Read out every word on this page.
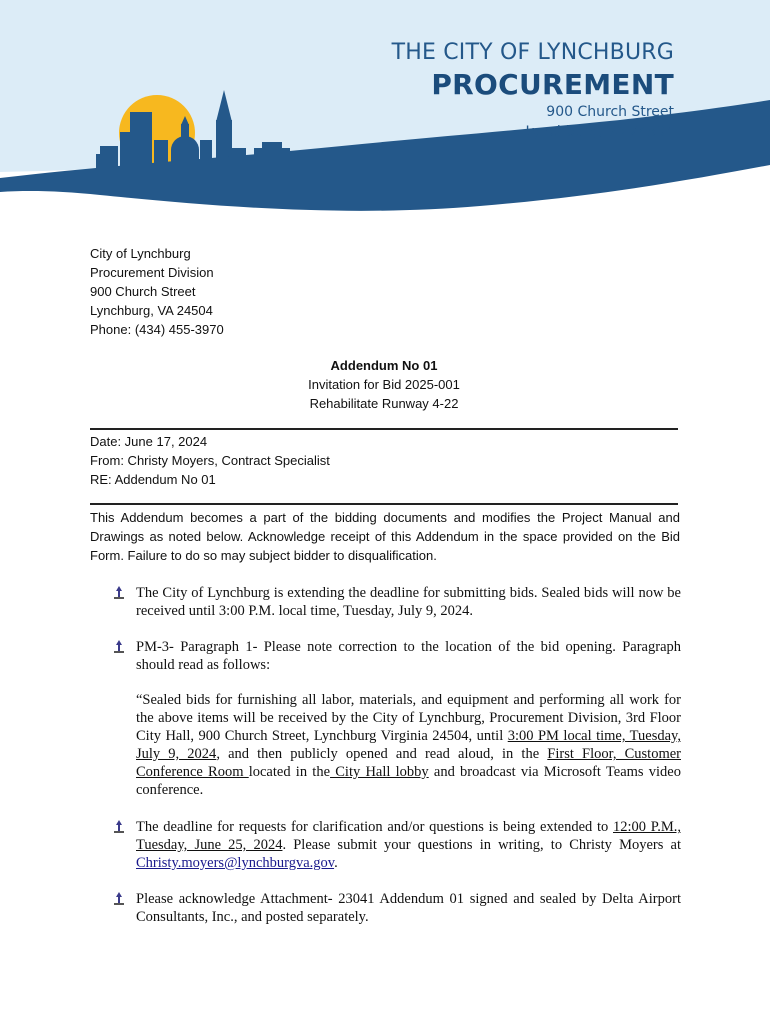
THE CITY OF LYNCHBURG
PROCUREMENT
900 Church Street
Lynchburg, VA 24504
City of Lynchburg
Procurement Division
900 Church Street
Lynchburg, VA 24504
Phone: (434) 455-3970
Addendum No 01
Invitation for Bid 2025-001
Rehabilitate Runway 4-22
Date: June 17, 2024
From: Christy Moyers, Contract Specialist
RE: Addendum No 01
This Addendum becomes a part of the bidding documents and modifies the Project Manual and Drawings as noted below. Acknowledge receipt of this Addendum in the space provided on the Bid Form. Failure to do so may subject bidder to disqualification.
The City of Lynchburg is extending the deadline for submitting bids. Sealed bids will now be received until 3:00 P.M. local time, Tuesday, July 9, 2024.
PM-3- Paragraph 1- Please note correction to the location of the bid opening. Paragraph should read as follows:
“Sealed bids for furnishing all labor, materials, and equipment and performing all work for the above items will be received by the City of Lynchburg, Procurement Division, 3rd Floor City Hall, 900 Church Street, Lynchburg Virginia 24504, until 3:00 PM local time, Tuesday, July 9, 2024, and then publicly opened and read aloud, in the First Floor, Customer Conference Room located in the City Hall lobby and broadcast via Microsoft Teams video conference.
The deadline for requests for clarification and/or questions is being extended to 12:00 P.M., Tuesday, June 25, 2024. Please submit your questions in writing, to Christy Moyers at Christy.moyers@lynchburgva.gov.
Please acknowledge Attachment- 23041 Addendum 01 signed and sealed by Delta Airport Consultants, Inc., and posted separately.
